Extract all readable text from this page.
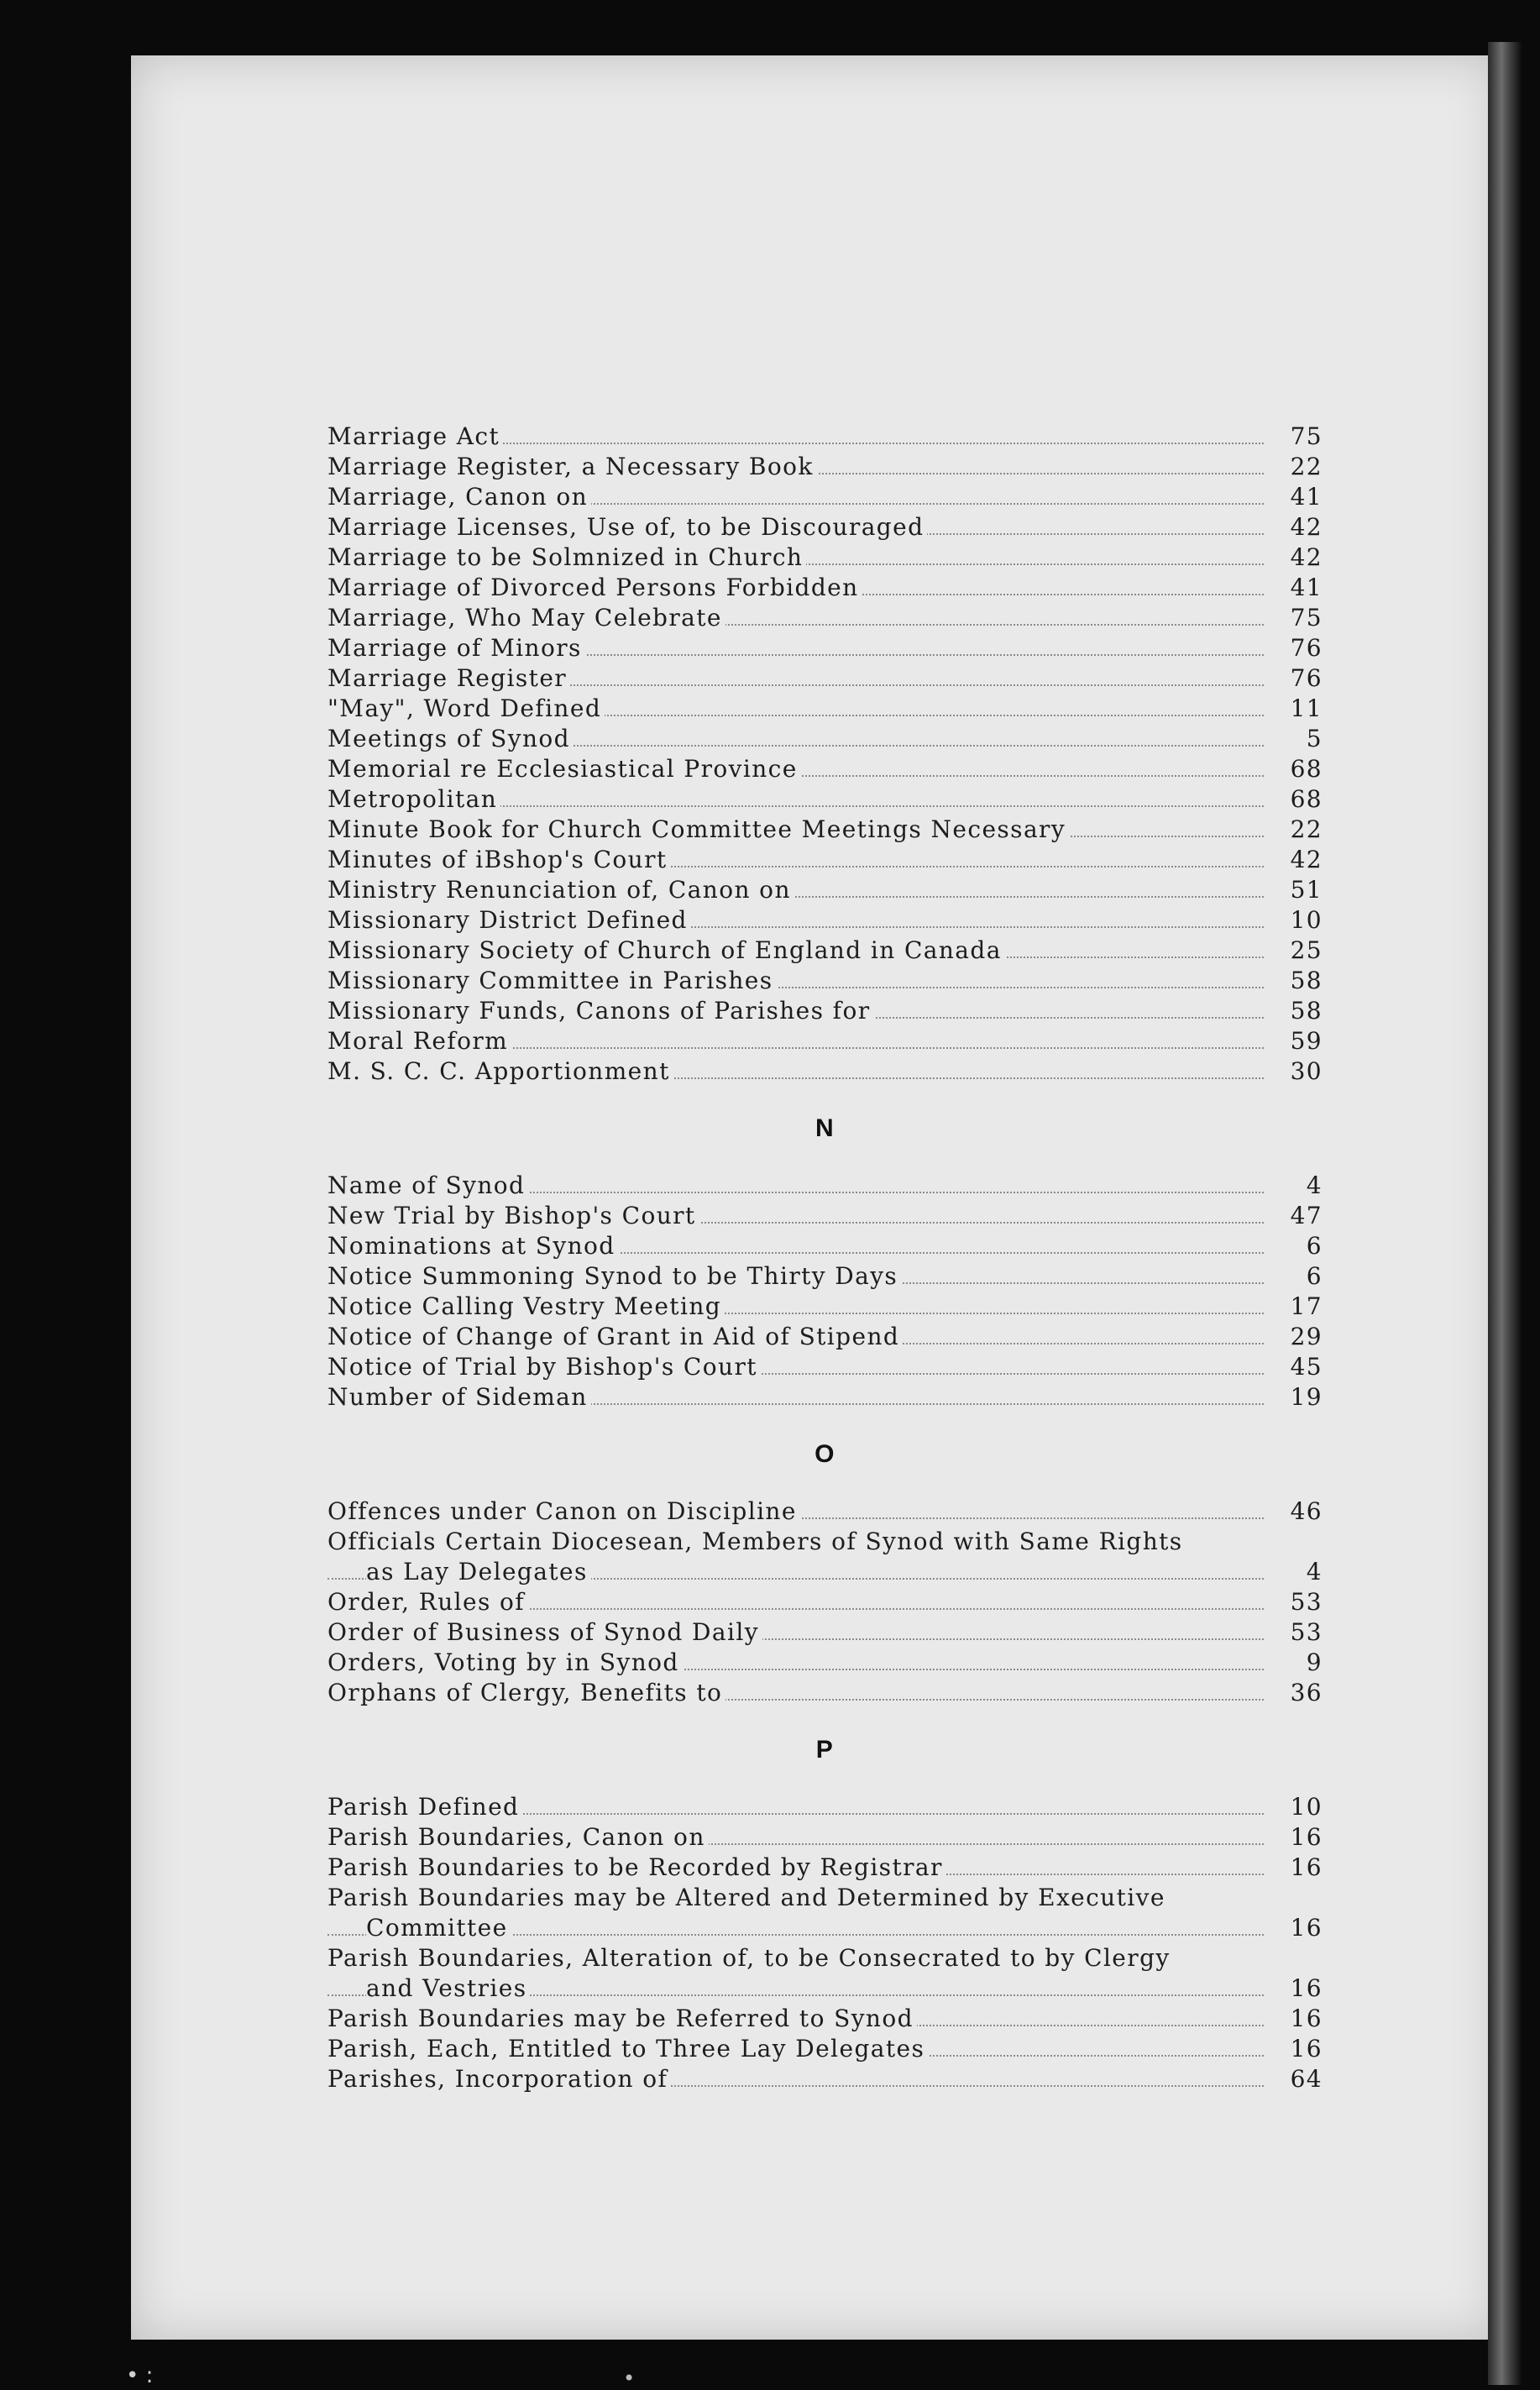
Marriage Act	75
Marriage Register, a Necessary Book	22
Marriage, Canon on	41
Marriage Licenses, Use of, to be Discouraged	42
Marriage to be Solmnized in Church	42
Marriage of Divorced Persons Forbidden	41
Marriage, Who May Celebrate	75
Marriage of Minors	76
Marriage Register	76
"May", Word Defined	11
Meetings of Synod	5
Memorial re Ecclesiastical Province	68
Metropolitan	68
Minute Book for Church Committee Meetings Necessary	22
Minutes of iBshop's Court	42
Ministry Renunciation of, Canon on	51
Missionary District Defined	10
Missionary Society of Church of England in Canada	25
Missionary Committee in Parishes	58
Missionary Funds, Canons of Parishes for	58
Moral Reform	59
M. S. C. C. Apportionment	30
N
Name of Synod	4
New Trial by Bishop's Court	47
Nominations at Synod	6
Notice Summoning Synod to be Thirty Days	6
Notice Calling Vestry Meeting	17
Notice of Change of Grant in Aid of Stipend	29
Notice of Trial by Bishop's Court	45
Number of Sideman	19
O
Offences under Canon on Discipline	46
Officials Certain Diocesean, Members of Synod with Same Rights
as Lay Delegates	4
Order, Rules of	53
Order of Business of Synod Daily	53
Orders, Voting by in Synod	9
Orphans of Clergy, Benefits to	36
P
Parish Defined	10
Parish Boundaries, Canon on	16
Parish Boundaries to be Recorded by Registrar	16
Parish Boundaries may be Altered and Determined by Executive
Committee	16
Parish Boundaries, Alteration of, to be Consecrated to by Clergy
and Vestries	16
Parish Boundaries may be Referred to Synod	16
Parish, Each, Entitled to Three Lay Delegates	16
Parishes, Incorporation of	64
• :	•
